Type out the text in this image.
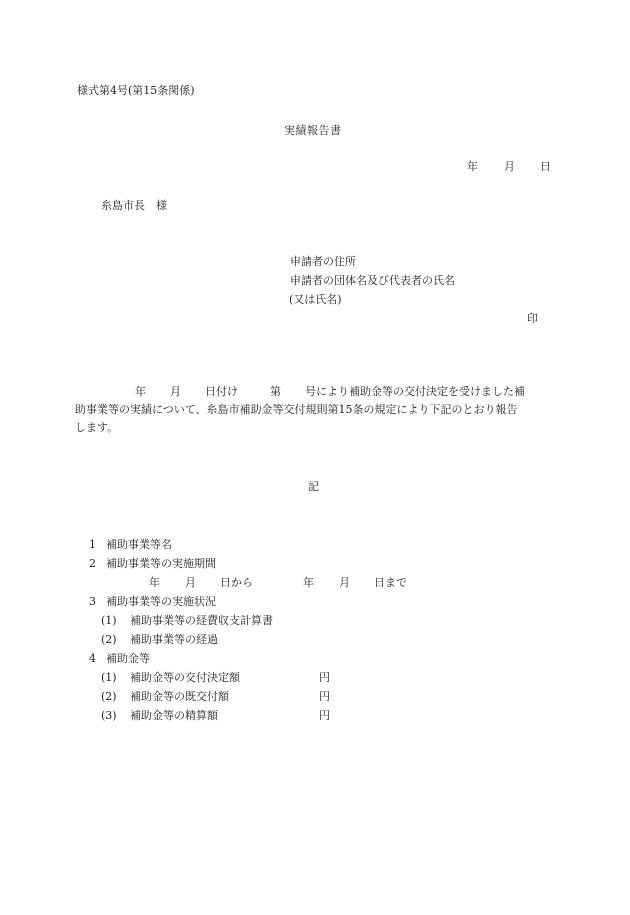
様式第4号(第15条関係)
実績報告書
年 月 日
糸島市長　様
申請者の住所
申請者の団体名及び代表者の氏名
(又は氏名)
印
年 月 日付け	第 号により補助金等の交付決定を受けました補
助事業等の実績について、糸島市補助金等交付規則第15条の規定により下記のとおり報告
します。
記
1 補助事業等名
2 補助事業等の実施期間
年 月 日から	年 月 日まで
3 補助事業等の実施状況
(1) 補助事業等の経費収支計算書
(2) 補助事業等の経過
4 補助金等
(1) 補助金等の交付決定額	円
(2) 補助金等の既交付額	円
(3) 補助金等の精算額	円
